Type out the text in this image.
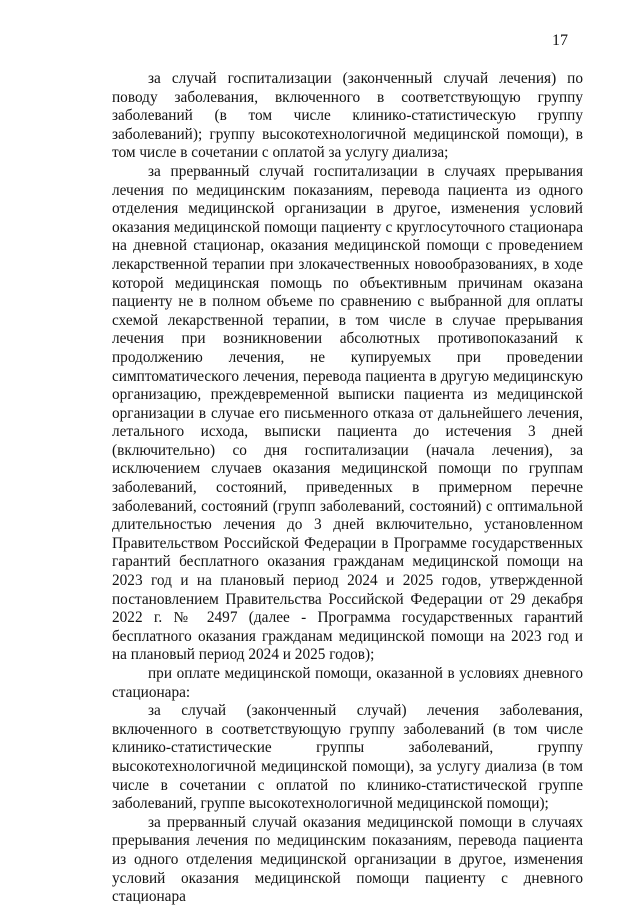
17

за случай госпитализации (законченный случай лечения) по поводу заболевания, включенного в соответствующую группу заболеваний (в том числе клинико-статистическую группу заболеваний); группу высокотехнологичной медицинской помощи), в том числе в сочетании с оплатой за услугу диализа;

за прерванный случай госпитализации в случаях прерывания лечения по медицинским показаниям, перевода пациента из одного отделения медицинской организации в другое, изменения условий оказания медицинской помощи пациенту с круглосуточного стационара на дневной стационар, оказания медицинской помощи с проведением лекарственной терапии при злокачественных новообразованиях, в ходе которой медицинская помощь по объективным причинам оказана пациенту не в полном объеме по сравнению с выбранной для оплаты схемой лекарственной терапии, в том числе в случае прерывания лечения при возникновении абсолютных противопоказаний к продолжению лечения, не купируемых при проведении симптоматического лечения, перевода пациента в другую медицинскую организацию, преждевременной выписки пациента из медицинской организации в случае его письменного отказа от дальнейшего лечения, летального исхода, выписки пациента до истечения 3 дней (включительно) со дня госпитализации (начала лечения), за исключением случаев оказания медицинской помощи по группам заболеваний, состояний, приведенных в примерном перечне заболеваний, состояний (групп заболеваний, состояний) с оптимальной длительностью лечения до 3 дней включительно, установленном Правительством Российской Федерации в Программе государственных гарантий бесплатного оказания гражданам медицинской помощи на 2023 год и на плановый период 2024 и 2025 годов, утвержденной постановлением Правительства Российской Федерации от 29 декабря 2022 г. № 2497 (далее - Программа государственных гарантий бесплатного оказания гражданам медицинской помощи на 2023 год и на плановый период 2024 и 2025 годов);

при оплате медицинской помощи, оказанной в условиях дневного стационара:

за случай (законченный случай) лечения заболевания, включенного в соответствующую группу заболеваний (в том числе клинико-статистические группы заболеваний, группу высокотехнологичной медицинской помощи), за услугу диализа (в том числе в сочетании с оплатой по клинико-статистической группе заболеваний, группе высокотехнологичной медицинской помощи);

за прерванный случай оказания медицинской помощи в случаях прерывания лечения по медицинским показаниям, перевода пациента из одного отделения медицинской организации в другое, изменения условий оказания медицинской помощи пациенту с дневного стационара
